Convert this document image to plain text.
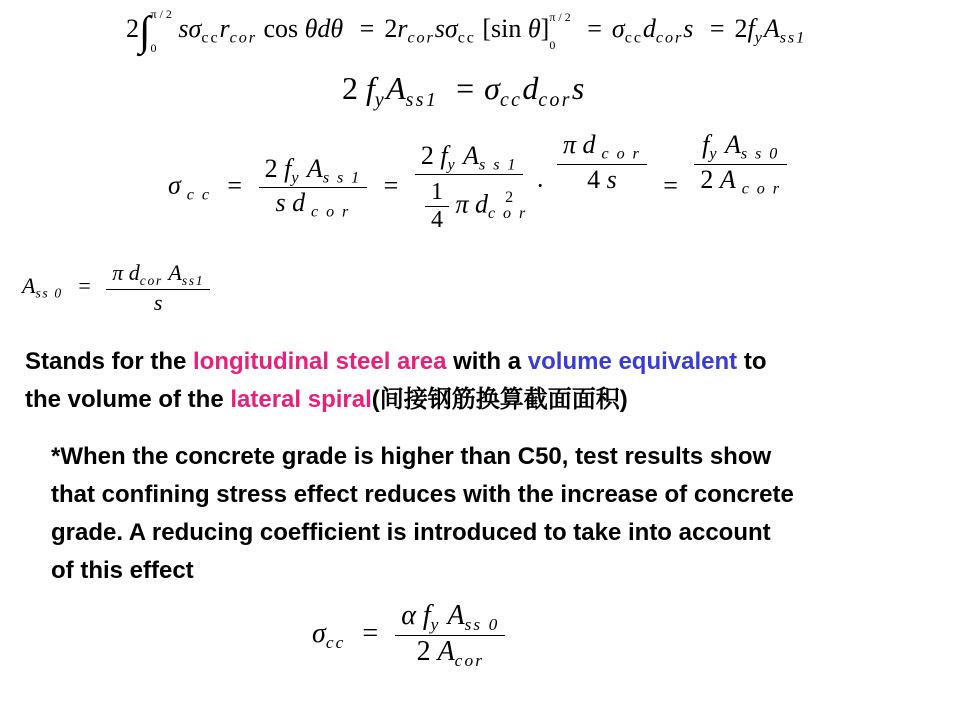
2∫ π / 2
0
$s\sigma_{cc}r_{cor}$ $\cos \theta d\theta = 2r_{cor}s\sigma_{cc}$ [sin θ] π / 2
0
= $\sigma_{cc}d_{cor}s = 2f_yA_{ss1}$
2 $f_yA_{ss1} = \sigma_{cc}d_{cor}s$
σ $_{c c} = \frac{2 f_y A_{s s 1}}{s d _{c o r}} = \frac{2 f_y A_{s s 1}}{\frac{1}{4} \pi d_{c o r}^2} \cdot \frac{\pi d _{c o r}}{4 s} = \frac{f_y A_{s s 0}}{2 A _{c o r}}$
$A_{ss 0} = \frac{\pi d_{cor} A_{ss1}}{s}$
Stands for the longitudinal steel area with a volume equivalent to
the volume of the lateral spiral(间接钢筋换算截面面积)
*When the concrete grade is higher than C50, test results show
that confining stress effect reduces with the increase of concrete
grade. A reducing coefficient is introduced to take into account
of this effect
$\sigma_{cc} = \frac{\alpha f_y A_{ss 0}}{2 A_{cor}}$
